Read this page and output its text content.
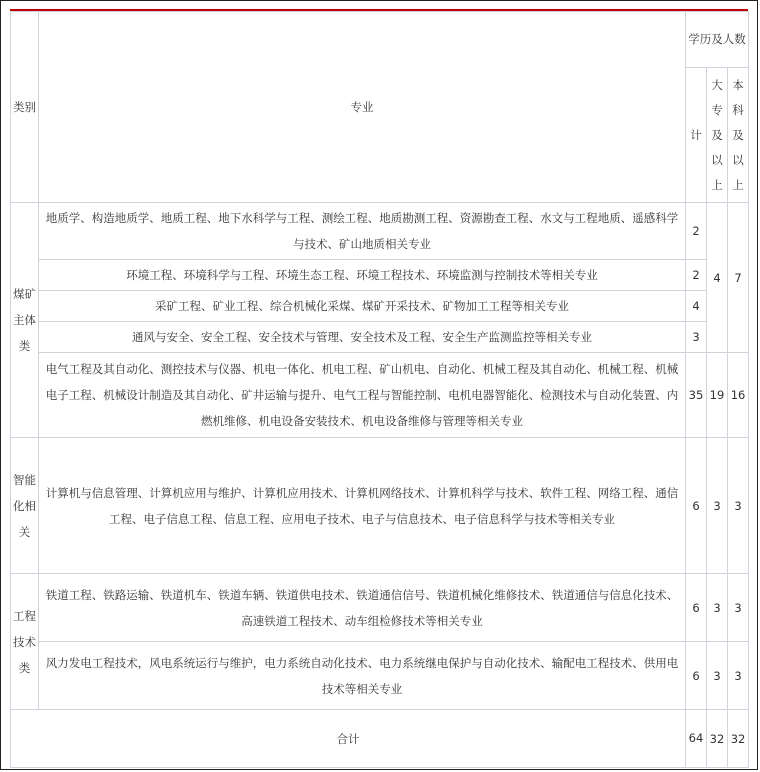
类别	专业	学历及人数		
		计	大专及以上	本科及以上
煤矿主体类	地质学、构造地质学、地质工程、地下水科学与工程、测绘工程、地质勘测工程、资源勘查工程、水文与工程地质、遥感科学与技术、矿山地质相关专业	2	4	7
	环境工程、环境科学与工程、环境生态工程、环境工程技术、环境监测与控制技术等相关专业	2		
	采矿工程、矿业工程、综合机械化采煤、煤矿开采技术、矿物加工工程等相关专业	4		
	通风与安全、安全工程、安全技术与管理、安全技术及工程、安全生产监测监控等相关专业	3		
	电气工程及其自动化、测控技术与仪器、机电一体化、机电工程、矿山机电、自动化、机械工程及其自动化、机械工程、机械电子工程、机械设计制造及其自动化、矿井运输与提升、电气工程与智能控制、电机电器智能化、检测技术与自动化装置、内燃机维修、机电设备安装技术、机电设备维修与管理等相关专业	35	19	16
智能化相关	计算机与信息管理、计算机应用与维护、计算机应用技术、计算机网络技术、计算机科学与技术、软件工程、网络工程、通信工程、电子信息工程、信息工程、应用电子技术、电子与信息技术、电子信息科学与技术等相关专业	6	3	3
工程技术类	铁道工程、铁路运输、铁道机车、铁道车辆、铁道供电技术、铁道通信信号、铁道机械化维修技术、铁道通信与信息化技术、高速铁道工程技术、动车组检修技术等相关专业	6	3	3
	风力发电工程技术，风电系统运行与维护，电力系统自动化技术、电力系统继电保护与自动化技术、输配电工程技术、供用电技术等相关专业	6	3	3
合计		64	32	32
